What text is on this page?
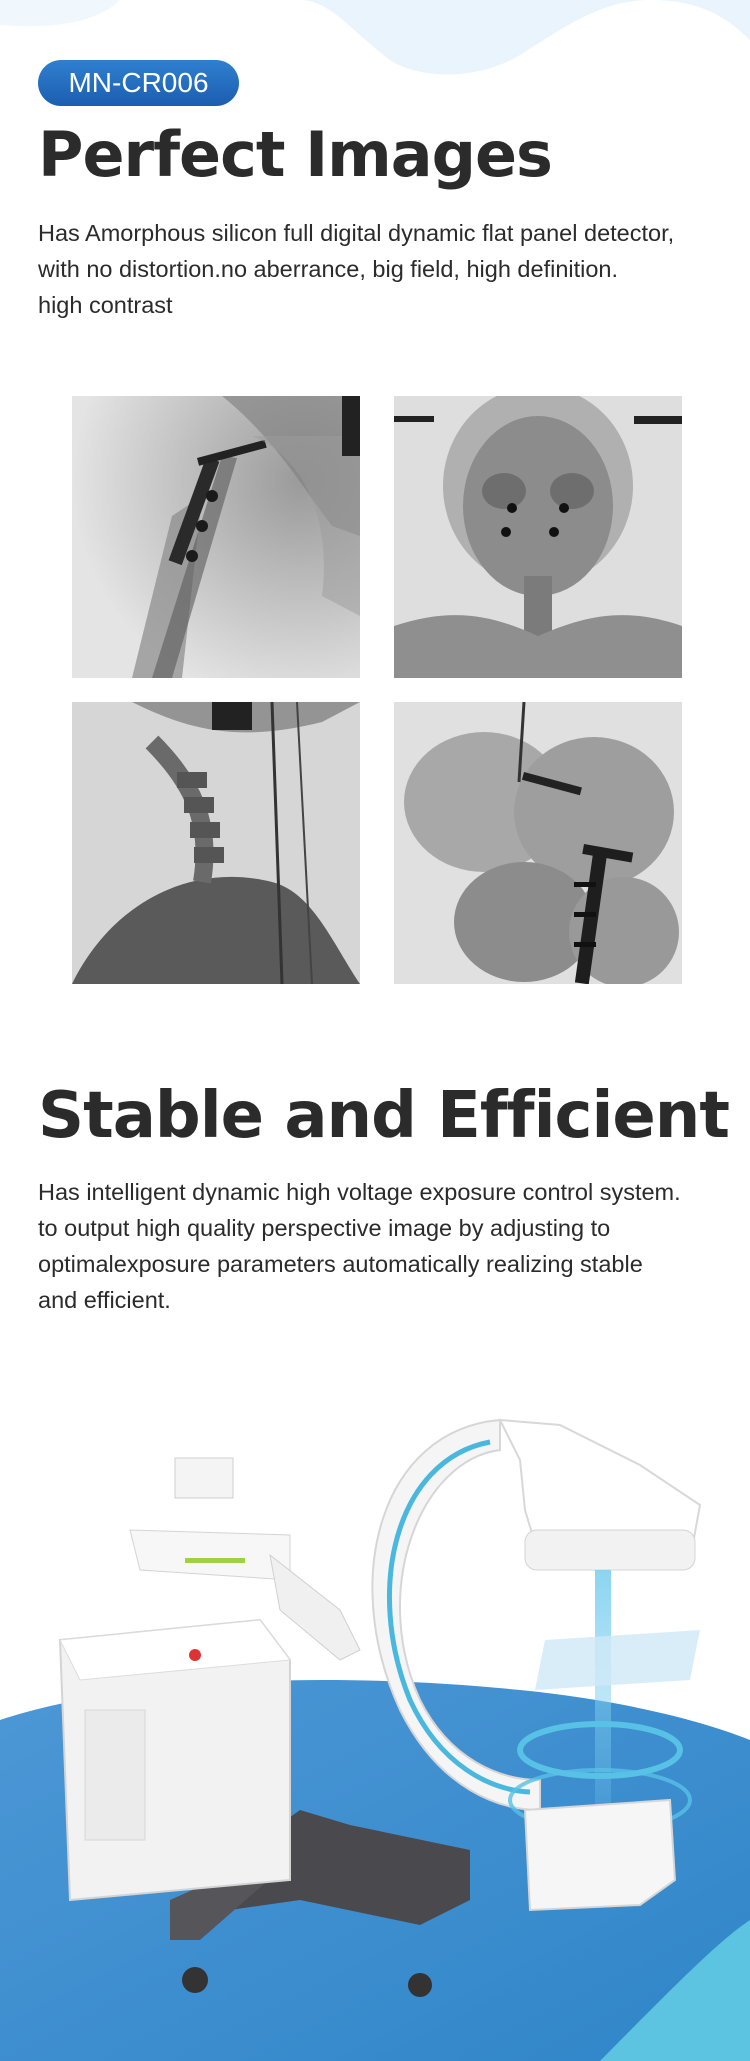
MN-CR006
Perfect Images
Has Amorphous silicon full digital dynamic flat panel detector,
with no distortion.no aberrance, big field, high definition.
high contrast
Stable and Efficient
Has intelligent dynamic high voltage exposure control system.
to output high quality perspective image by adjusting to
optimalexposure parameters automatically realizing stable
and efficient.
